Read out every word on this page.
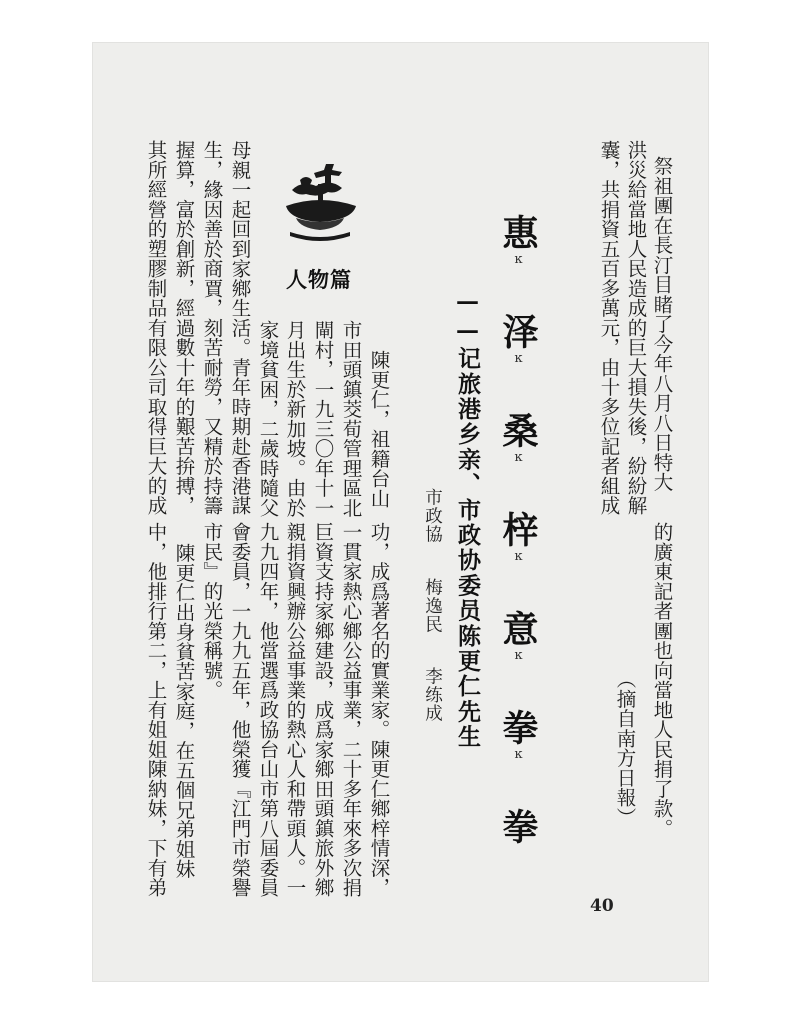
祭祖團在長汀目睹了今年八月八日特大
洪災給當地人民造成的巨大損失後，紛紛解
囊，共捐資五百多萬元，由十多位記者組成
的廣東記者團也向當地人民捐了款。
（摘自南方日報）
惠ĸ 泽ĸ 桑ĸ 梓ĸ 意ĸ 拳ĸ 拳
——记旅港乡亲、市政协委员陈更仁先生
市政協
梅逸民
李练成
人物篇
陳更仁，祖籍台山
市田頭鎮茭荀管理區北
閘村，一九三〇年十一
月出生於新加坡。由於
家境貧困，二歲時隨父
母親一起回到家鄉生活。青年時期赴香港謀
生，緣因善於商賈，刻苦耐勞，又精於持籌
握算，富於創新，經過數十年的艱苦拚搏，
其所經營的塑膠制品有限公司取得巨大的成
中，他排行第二，上有姐姐陳納妹，下有弟 陳更仁出身貧苦家庭，在五個兄弟姐妹 市民』的光榮稱號。 會委員，一九九五年，他榮獲『江門市榮譽 九九四年，他當選爲政協台山市第八屆委員 親捐資興辦公益事業的熱心人和帶頭人。一 巨資支持家鄉建設，成爲家鄉田頭鎮旅外鄉 一貫家熱心鄉公益事業，二十多年來多次捐 功，成爲著名的實業家。陳更仁鄉梓情深，
40
